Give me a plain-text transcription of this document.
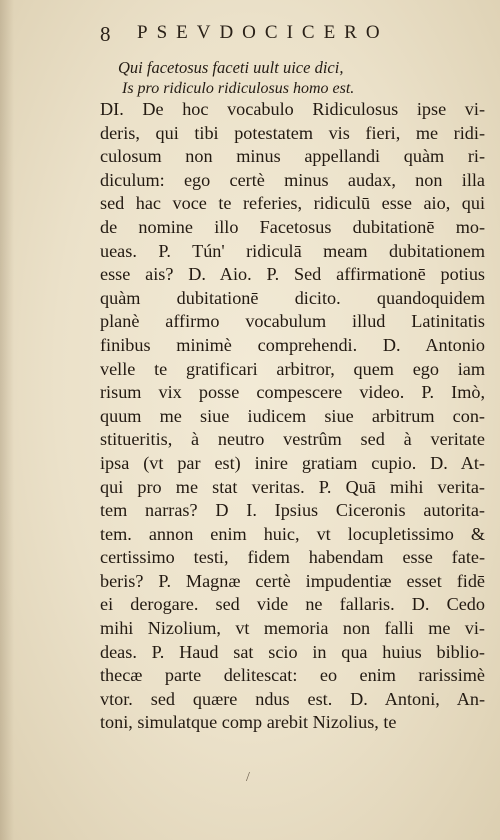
8 PSEVDOCICERO
Qui facetosus faceti uult uice dici,
Is pro ridiculo ridiculosus homo est.
DI. De hoc vocabulo Ridiculosus ipse vi-
deris, qui tibi potestatem vis fieri, me ridi-
culosum non minus appellandi quàm ri-
diculum: ego certè minus audax, non illa
sed hac voce te referies, ridiculū esse aio, qui
de nomine illo Facetosus dubitationē mo-
ueas. P. Tún' ridiculā meam dubitationem
esse ais? D. Aio. P. Sed affirmationē potius
quàm dubitationē dicito. quandoquidem
planè affirmo vocabulum illud Latinitatis
finibus minimè comprehendi. D. Antonio
velle te gratificari arbitror, quem ego iam
risum vix posse compescere video. P. Imò,
quum me siue iudicem siue arbitrum con-
stitueritis, à neutro vestrûm sed à veritate
ipsa (vt par est) inire gratiam cupio. D. At-
qui pro me stat veritas. P. Quā mihi verita-
tem narras? D I. Ipsius Ciceronis autorita-
tem. annon enim huic, vt locupletissimo &
certissimo testi, fidem habendam esse fate-
beris? P. Magnæ certè impudentiæ esset fidē
ei derogare. sed vide ne fallaris. D. Cedo
mihi Nizolium, vt memoria non falli me vi-
deas. P. Haud sat scio in qua huius biblio-
thecæ parte delitescat: eo enim rarissimè
vtor. sed quære ndus est. D. Antoni, An-
toni, simulatque comp arebit Nizolius, te
/
